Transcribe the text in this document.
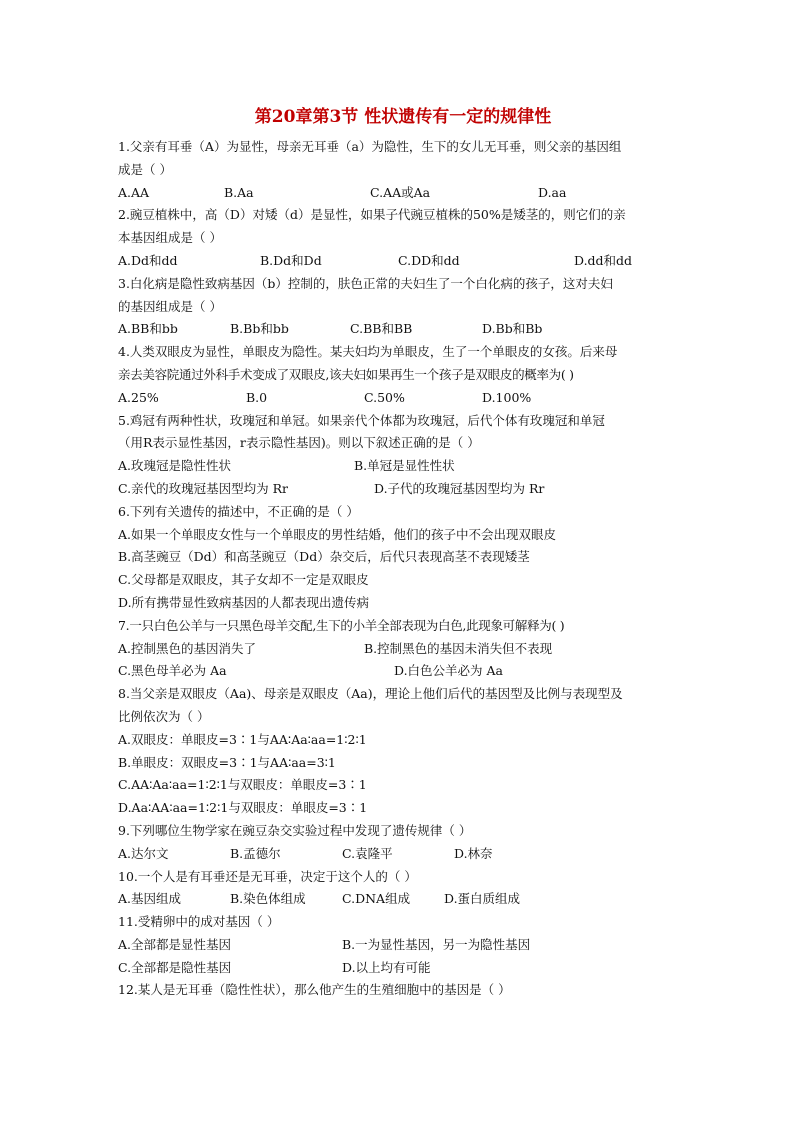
第20章第3节 性状遗传有一定的规律性
1.父亲有耳垂（A）为显性，母亲无耳垂（a）为隐性，生下的女儿无耳垂，则父亲的基因组
成是（ ）
A.AA	B.Aa	C.AA或Aa	D.aa
2.豌豆植株中，高（D）对矮（d）是显性，如果子代豌豆植株的50%是矮茎的，则它们的亲
本基因组成是（ ）
A.Dd和dd	B.Dd和Dd	C.DD和dd	D.dd和dd
3.白化病是隐性致病基因（b）控制的，肤色正常的夫妇生了一个白化病的孩子，这对夫妇
的基因组成是（ ）
A.BB和bb	B.Bb和bb	C.BB和BB	D.Bb和Bb
4.人类双眼皮为显性，单眼皮为隐性。某夫妇均为单眼皮，生了一个单眼皮的女孩。后来母
亲去美容院通过外科手术变成了双眼皮,该夫妇如果再生一个孩子是双眼皮的概率为( )
A.25%	B.0	C.50%	D.100%
5.鸡冠有两种性状，玫瑰冠和单冠。如果亲代个体都为玫瑰冠，后代个体有玫瑰冠和单冠
（用R表示显性基因，r表示隐性基因)。则以下叙述正确的是（ ）
A.玫瑰冠是隐性性状	B.单冠是显性性状
C.亲代的玫瑰冠基因型均为 Rr	D.子代的玫瑰冠基因型均为 Rr
6.下列有关遗传的描述中，不正确的是（ ）
A.如果一个单眼皮女性与一个单眼皮的男性结婚，他们的孩子中不会出现双眼皮
B.高茎豌豆（Dd）和高茎豌豆（Dd）杂交后，后代只表现高茎不表现矮茎
C.父母都是双眼皮，其子女却不一定是双眼皮
D.所有携带显性致病基因的人都表现出遗传病
7.一只白色公羊与一只黑色母羊交配,生下的小羊全部表现为白色,此现象可解释为( )
A.控制黑色的基因消失了	B.控制黑色的基因未消失但不表现
C.黑色母羊必为 Aa	D.白色公羊必为 Aa
8.当父亲是双眼皮（Aa)、母亲是双眼皮（Aa)，理论上他们后代的基因型及比例与表现型及
比例依次为（ ）
A.双眼皮：单眼皮=3∶1与AA∶Aa∶aa=1∶2∶1
B.单眼皮：双眼皮=3∶1与AA∶aa=3∶1
C.AA∶Aa∶aa=1∶2∶1与双眼皮：单眼皮=3∶1
D.Aa∶AA∶aa=1∶2∶1与双眼皮：单眼皮=3∶1
9.下列哪位生物学家在豌豆杂交实验过程中发现了遗传规律（ ）
A.达尔文	B.孟德尔	C.袁隆平	D.林奈
10.一个人是有耳垂还是无耳垂，决定于这个人的（ ）
A.基因组成	B.染色体组成	C.DNA组成	D.蛋白质组成
11.受精卵中的成对基因（ ）
A.全部都是显性基因	B.一为显性基因，另一为隐性基因
C.全部都是隐性基因	D.以上均有可能
12.某人是无耳垂（隐性性状），那么他产生的生殖细胞中的基因是（ ）
